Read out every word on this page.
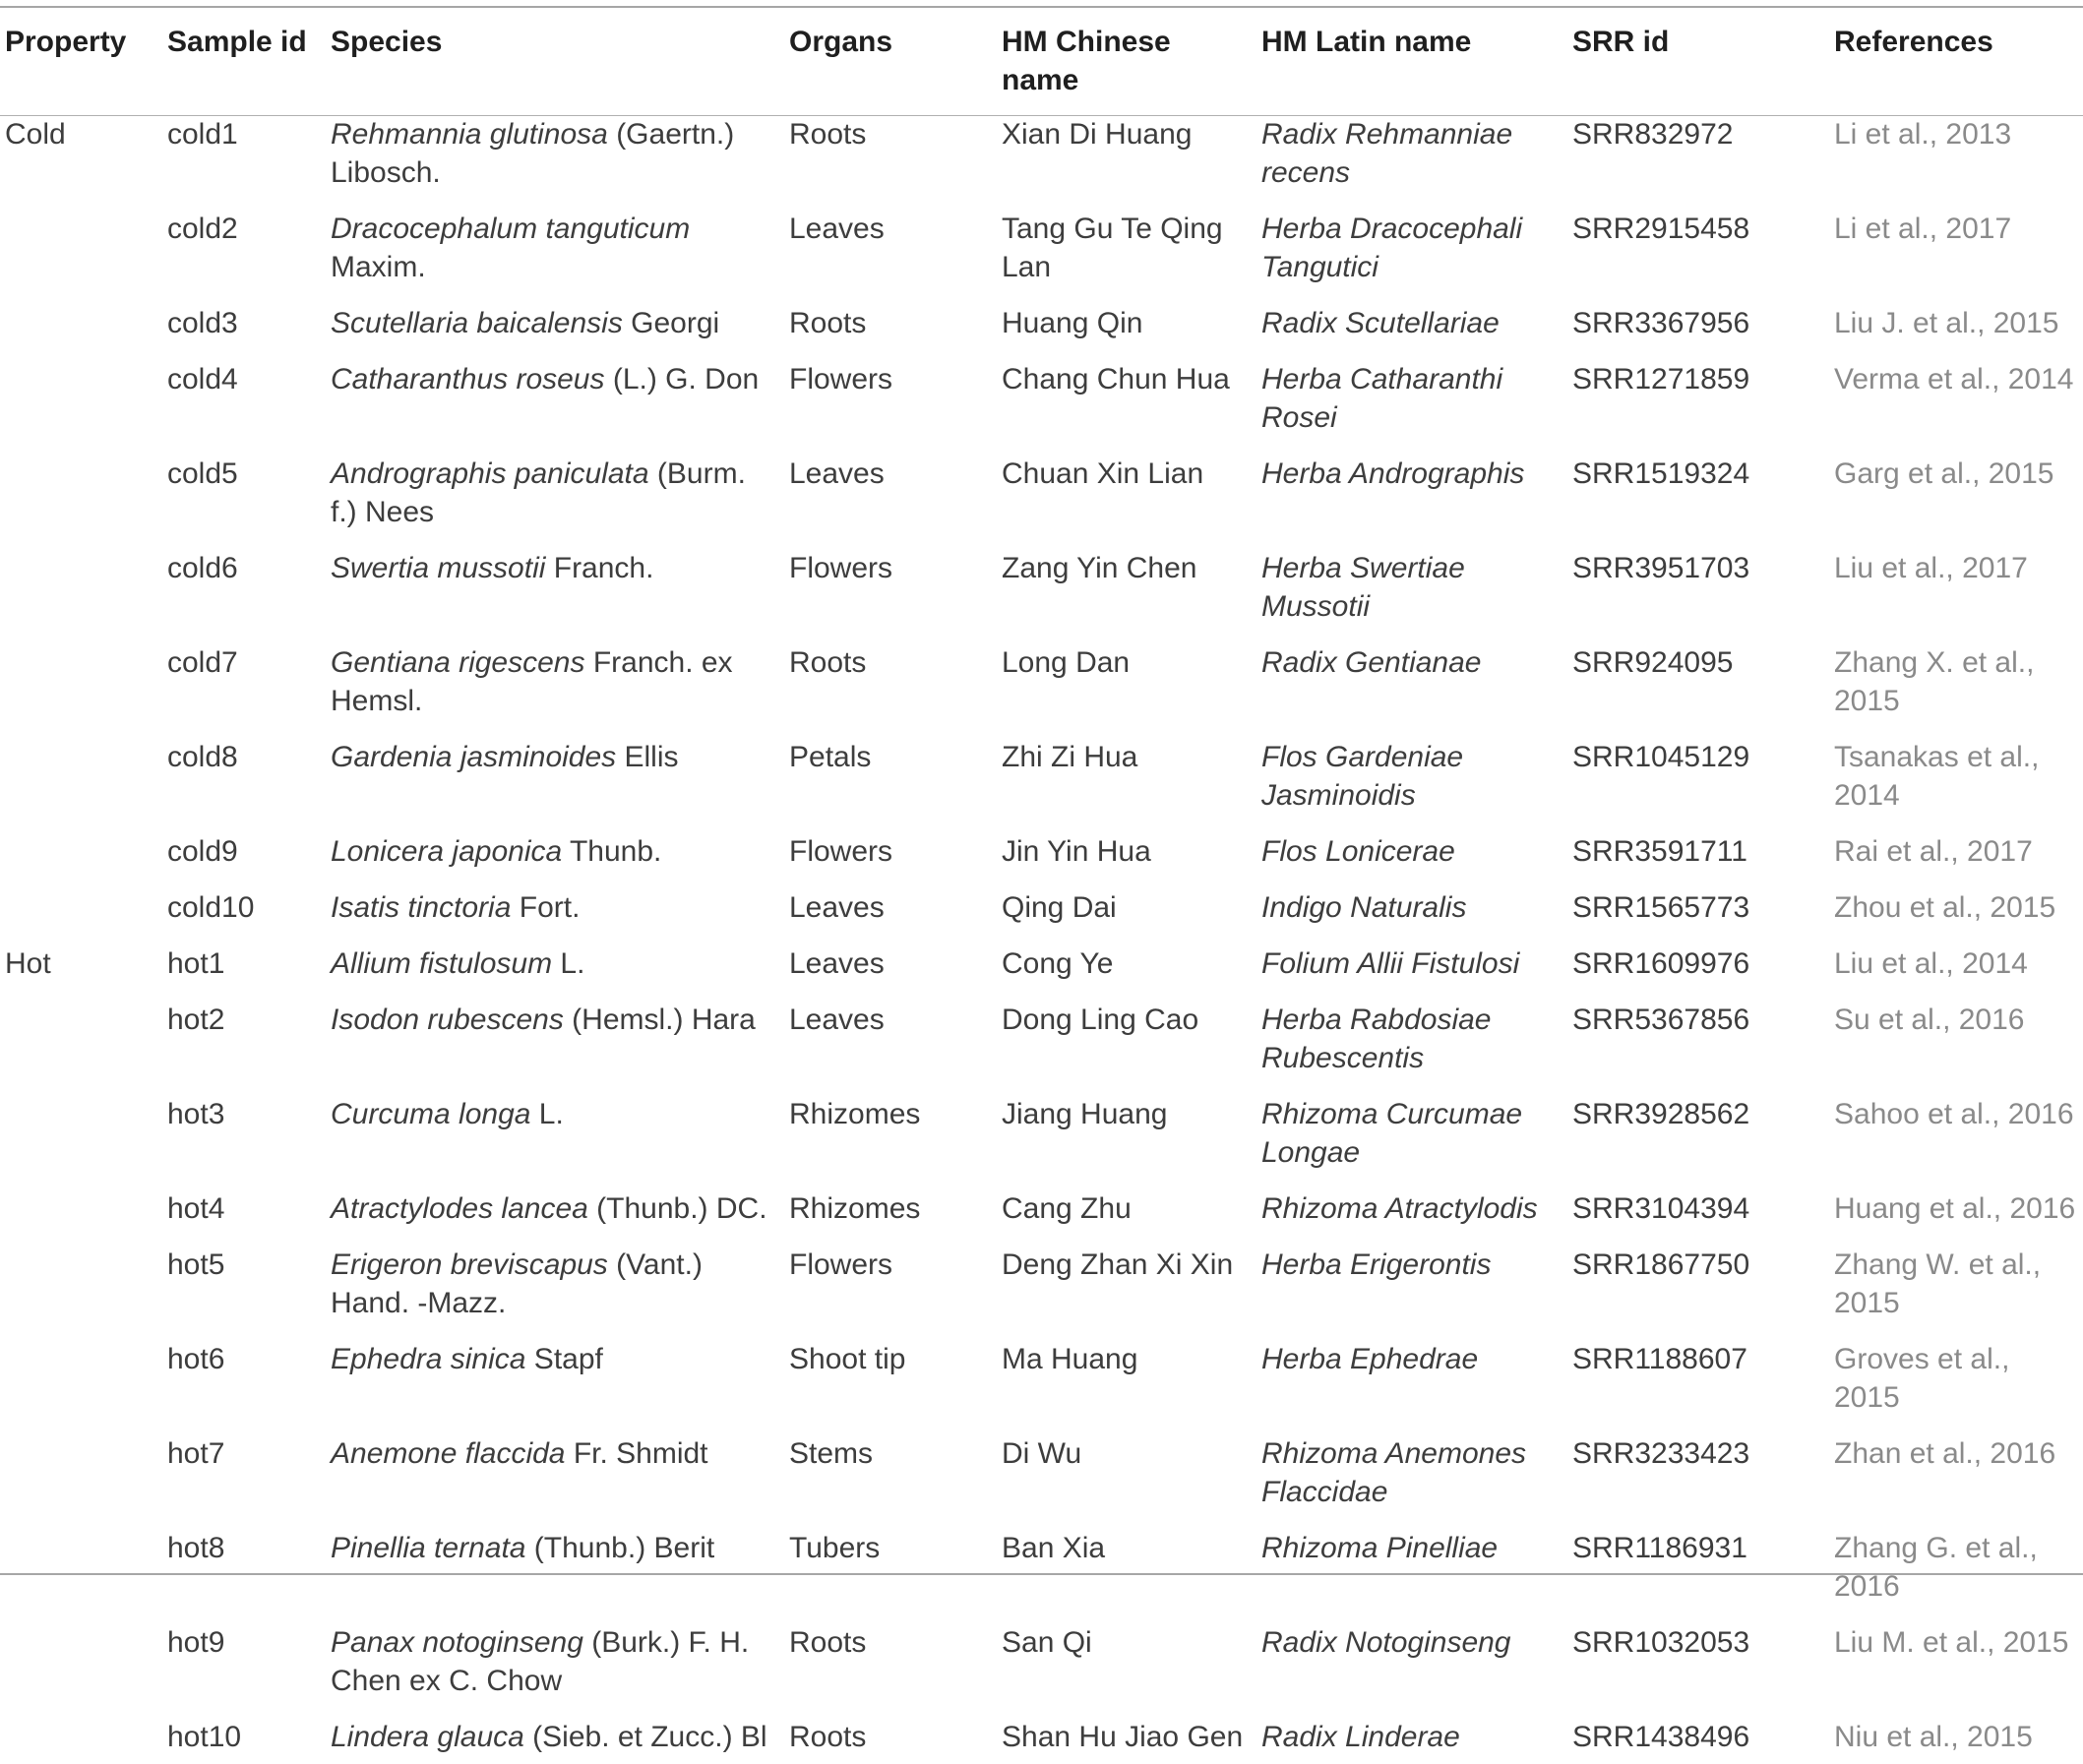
Property	Sample id	Species	Organs	HM Chinese name	HM Latin name	SRR id	References
Cold	cold1	Rehmannia glutinosa (Gaertn.) Libosch.	Roots	Xian Di Huang	Radix Rehmanniae recens	SRR832972	Li et al., 2013
	cold2	Dracocephalum tanguticum Maxim.	Leaves	Tang Gu Te Qing Lan	Herba Dracocephali Tangutici	SRR2915458	Li et al., 2017
	cold3	Scutellaria baicalensis Georgi	Roots	Huang Qin	Radix Scutellariae	SRR3367956	Liu J. et al., 2015
	cold4	Catharanthus roseus (L.) G. Don	Flowers	Chang Chun Hua	Herba Catharanthi Rosei	SRR1271859	Verma et al., 2014
	cold5	Andrographis paniculata (Burm. f.) Nees	Leaves	Chuan Xin Lian	Herba Andrographis	SRR1519324	Garg et al., 2015
	cold6	Swertia mussotii Franch.	Flowers	Zang Yin Chen	Herba Swertiae Mussotii	SRR3951703	Liu et al., 2017
	cold7	Gentiana rigescens Franch. ex Hemsl.	Roots	Long Dan	Radix Gentianae	SRR924095	Zhang X. et al., 2015
	cold8	Gardenia jasminoides Ellis	Petals	Zhi Zi Hua	Flos Gardeniae Jasminoidis	SRR1045129	Tsanakas et al., 2014
	cold9	Lonicera japonica Thunb.	Flowers	Jin Yin Hua	Flos Lonicerae	SRR3591711	Rai et al., 2017
	cold10	Isatis tinctoria Fort.	Leaves	Qing Dai	Indigo Naturalis	SRR1565773	Zhou et al., 2015
Hot	hot1	Allium fistulosum L.	Leaves	Cong Ye	Folium Allii Fistulosi	SRR1609976	Liu et al., 2014
	hot2	Isodon rubescens (Hemsl.) Hara	Leaves	Dong Ling Cao	Herba Rabdosiae Rubescentis	SRR5367856	Su et al., 2016
	hot3	Curcuma longa L.	Rhizomes	Jiang Huang	Rhizoma Curcumae Longae	SRR3928562	Sahoo et al., 2016
	hot4	Atractylodes lancea (Thunb.) DC.	Rhizomes	Cang Zhu	Rhizoma Atractylodis	SRR3104394	Huang et al., 2016
	hot5	Erigeron breviscapus (Vant.) Hand. -Mazz.	Flowers	Deng Zhan Xi Xin	Herba Erigerontis	SRR1867750	Zhang W. et al., 2015
	hot6	Ephedra sinica Stapf	Shoot tip	Ma Huang	Herba Ephedrae	SRR1188607	Groves et al., 2015
	hot7	Anemone flaccida Fr. Shmidt	Stems	Di Wu	Rhizoma Anemones Flaccidae	SRR3233423	Zhan et al., 2016
	hot8	Pinellia ternata (Thunb.) Berit	Tubers	Ban Xia	Rhizoma Pinelliae	SRR1186931	Zhang G. et al., 2016
	hot9	Panax notoginseng (Burk.) F. H. Chen ex C. Chow	Roots	San Qi	Radix Notoginseng	SRR1032053	Liu M. et al., 2015
	hot10	Lindera glauca (Sieb. et Zucc.) Bl	Roots	Shan Hu Jiao Gen	Radix Linderae	SRR1438496	Niu et al., 2015
